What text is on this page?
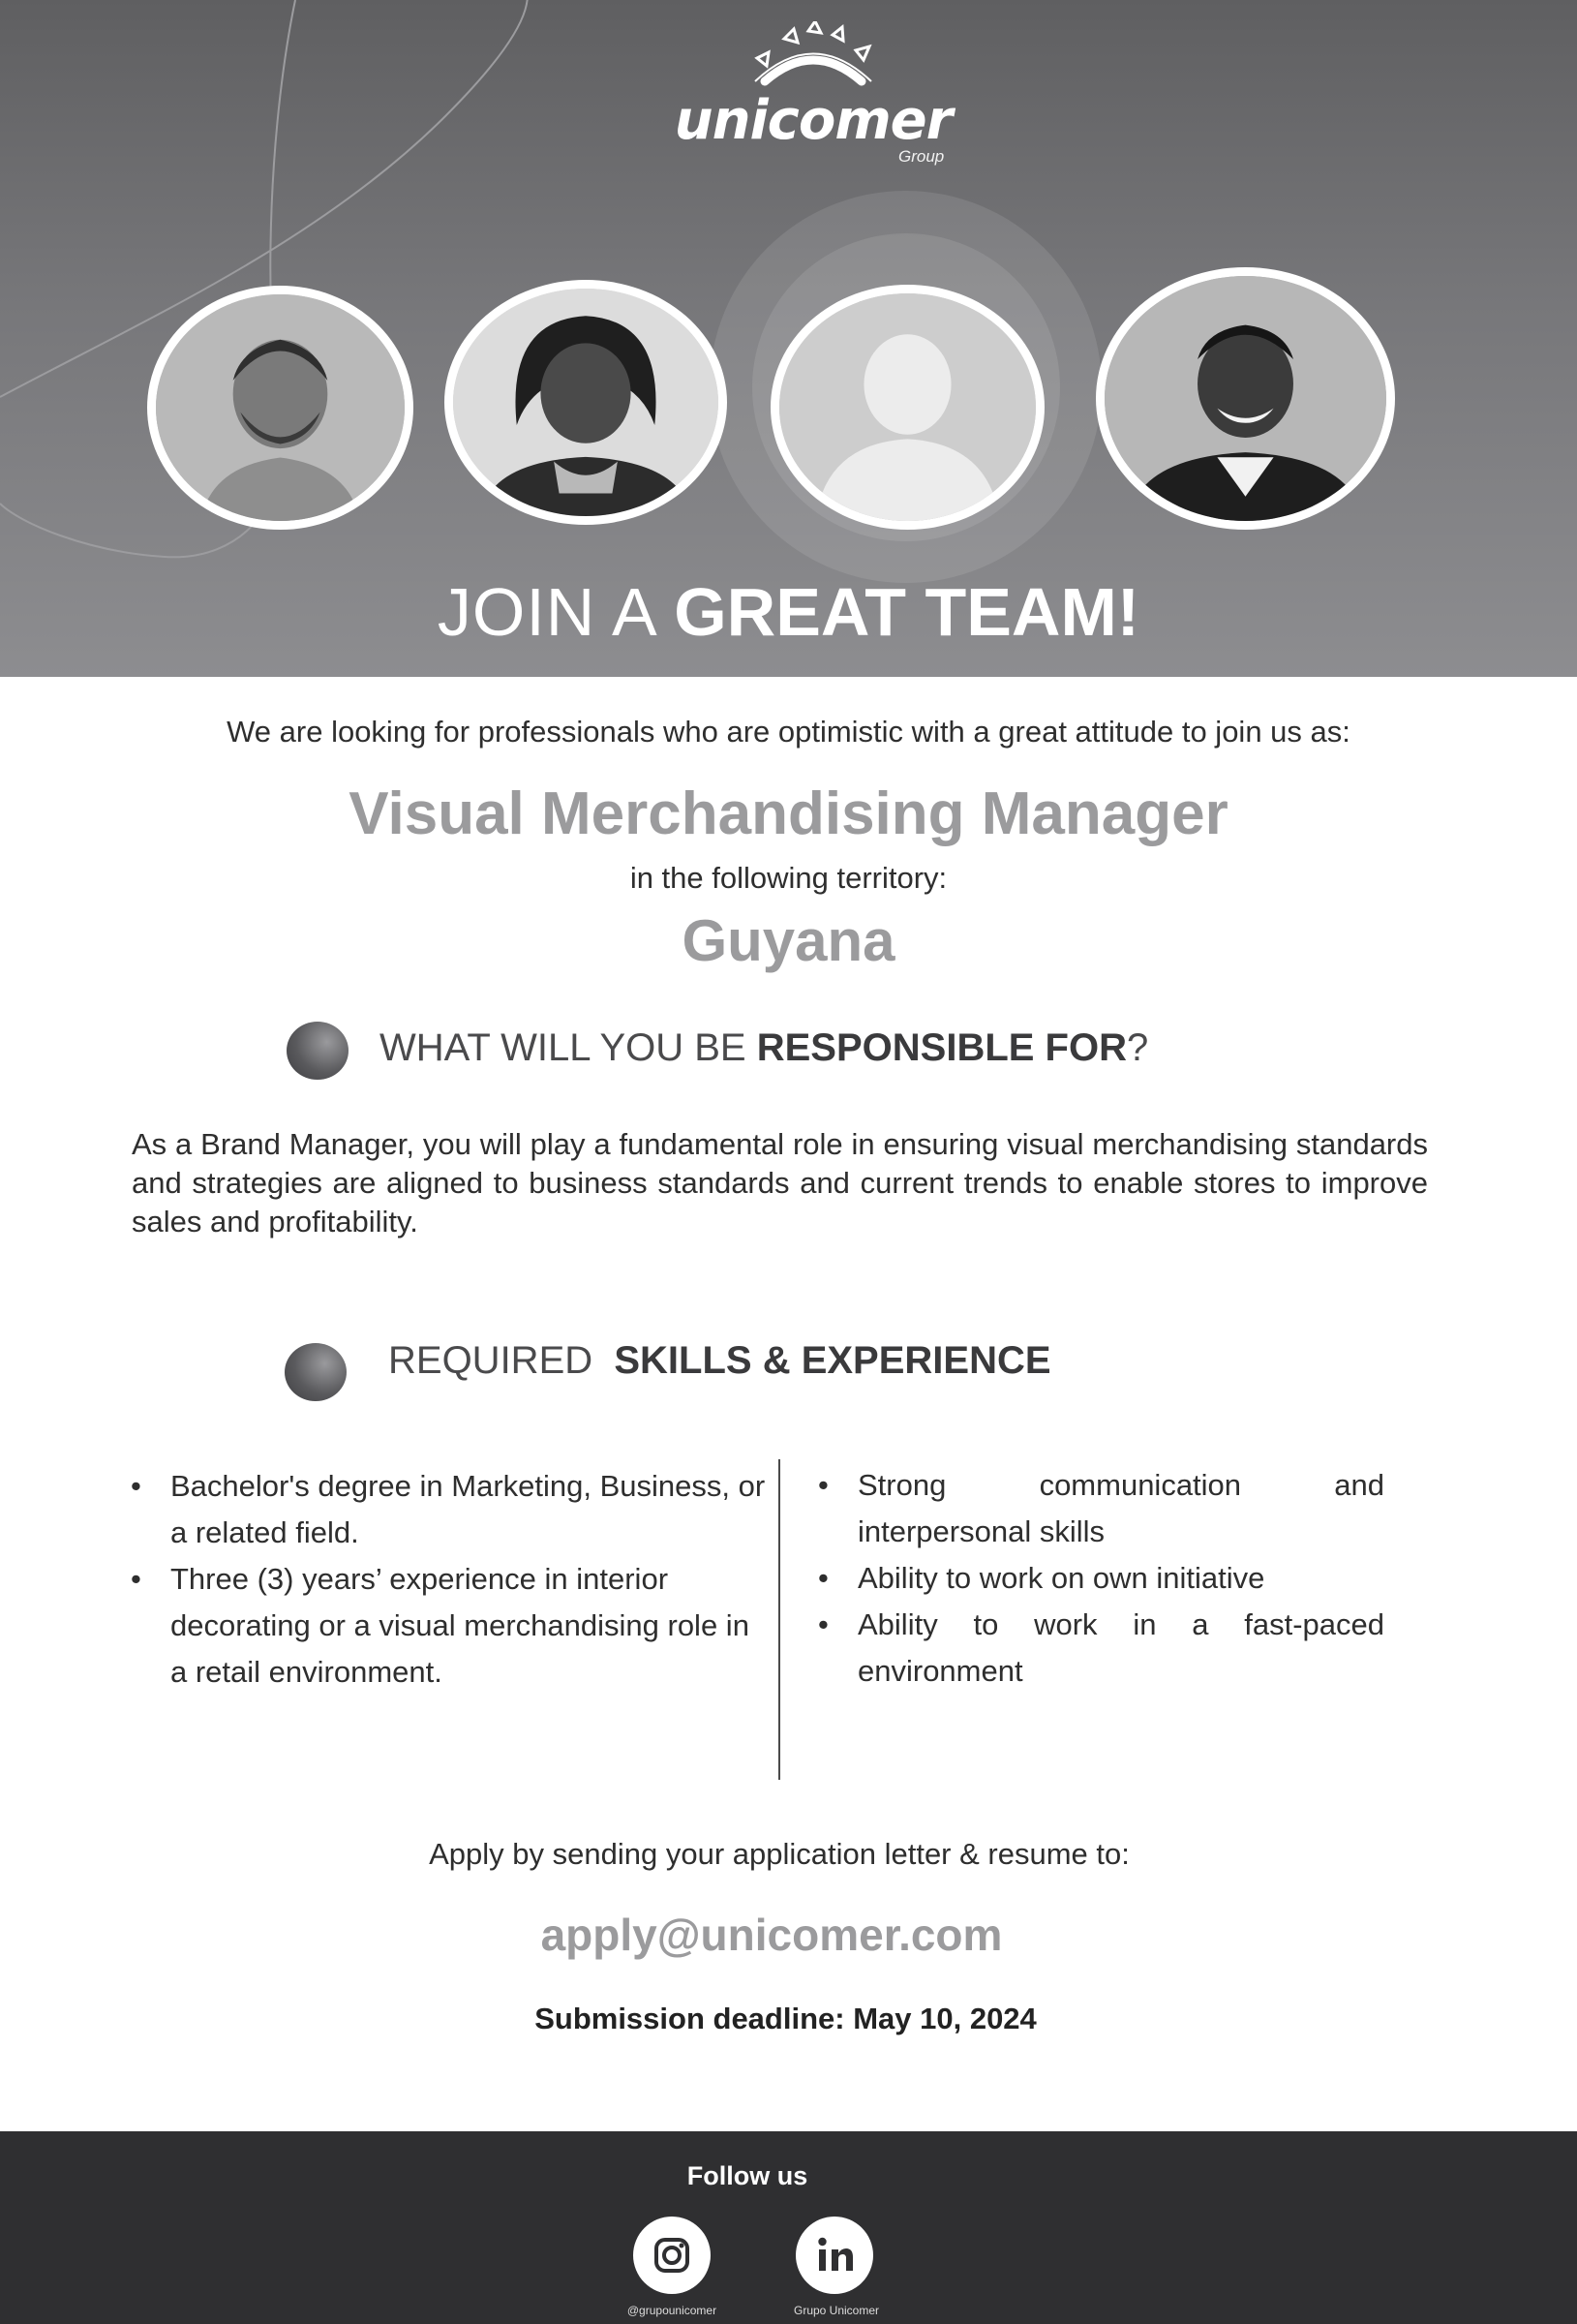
unicomer
Group
JOIN A GREAT TEAM!
We are looking for professionals who are optimistic with a great attitude to join us as:
Visual Merchandising Manager
in the following territory:
Guyana
WHAT WILL YOU BE RESPONSIBLE FOR?
As a Brand Manager, you will play a fundamental role in ensuring visual merchandising standards and strategies are aligned to business standards and current trends to enable stores to improve sales and profitability.
REQUIRED  SKILLS & EXPERIENCE
• Bachelor's degree in Marketing, Business, or a related field.
• Three (3) years’ experience in interior decorating or a visual merchandising role in a retail environment.
• Strong communication and interpersonal skills
• Ability to work on own initiative
• Ability to work in a fast-paced environment
Apply by sending your application letter & resume to:
apply@unicomer.com
Submission deadline: May 10, 2024
Follow us
@grupounicomer	Grupo Unicomer
